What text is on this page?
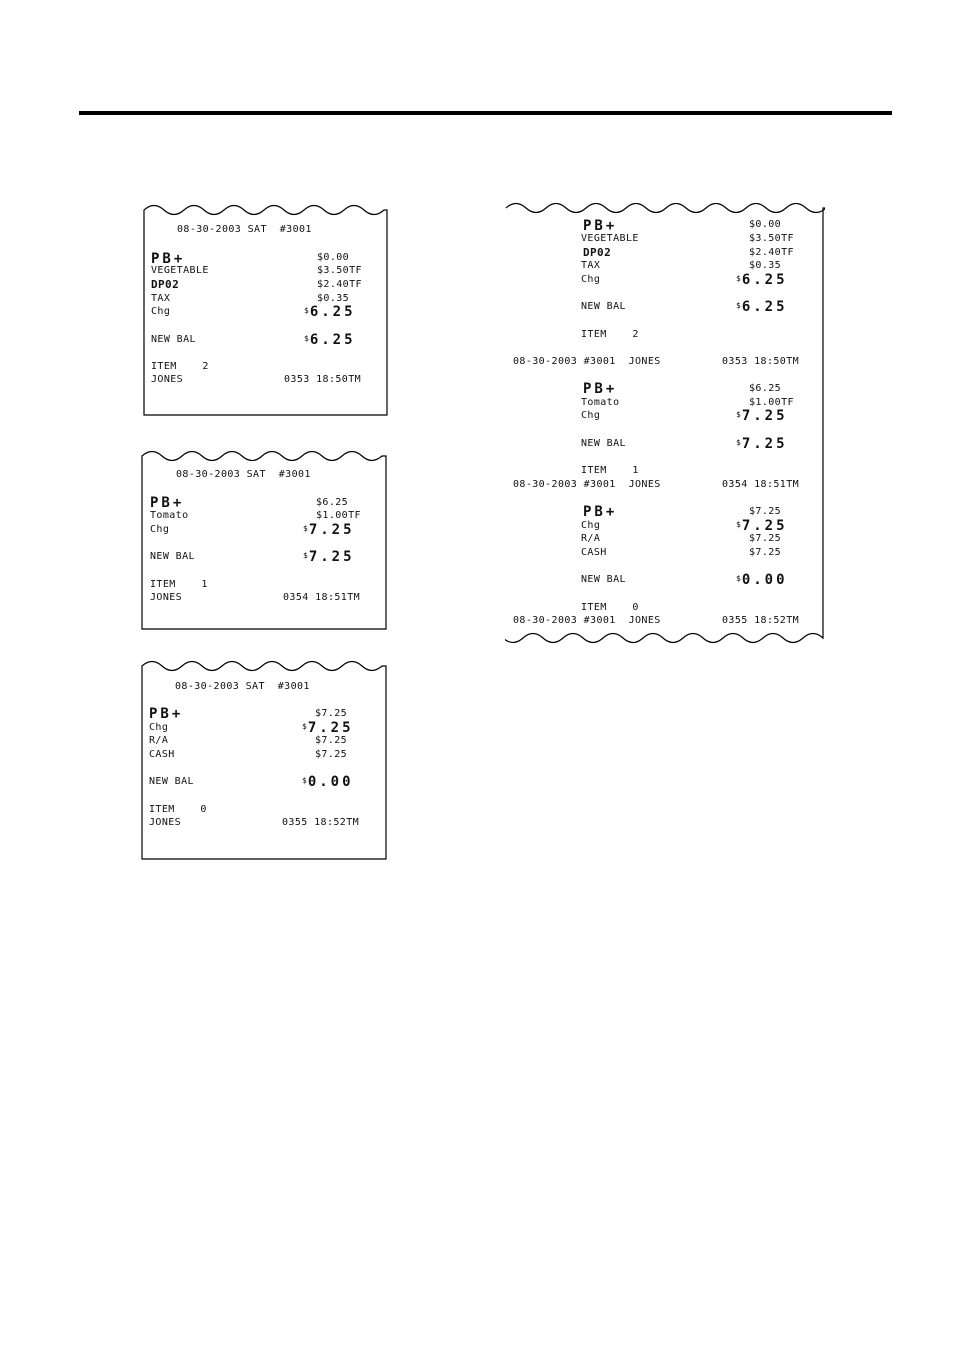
08-30-2003 SAT  #3001
PB+	$0.00
VEGETABLE	$3.50TF
DP02	$2.40TF
TAX	$0.35
Chg	$6.25
NEW BAL	$6.25
ITEM    2
JONES	0353 18:50TM
08-30-2003 SAT  #3001
PB+	$6.25
Tomato	$1.00TF
Chg	$7.25
NEW BAL	$7.25
ITEM    1
JONES	0354 18:51TM
08-30-2003 SAT  #3001
PB+	$7.25
Chg	$7.25
R/A	$7.25
CASH	$7.25
NEW BAL	$0.00
ITEM    0
JONES	0355 18:52TM
PB+	$0.00
VEGETABLE	$3.50TF
DP02	$2.40TF
TAX	$0.35
Chg	$6.25
NEW BAL	$6.25
ITEM    2
08-30-2003 #3001  JONES	0353 18:50TM
PB+	$6.25
Tomato	$1.00TF
Chg	$7.25
NEW BAL	$7.25
ITEM    1
08-30-2003 #3001  JONES	0354 18:51TM
PB+	$7.25
Chg	$7.25
R/A	$7.25
CASH	$7.25
NEW BAL	$0.00
ITEM    0
08-30-2003 #3001  JONES	0355 18:52TM
